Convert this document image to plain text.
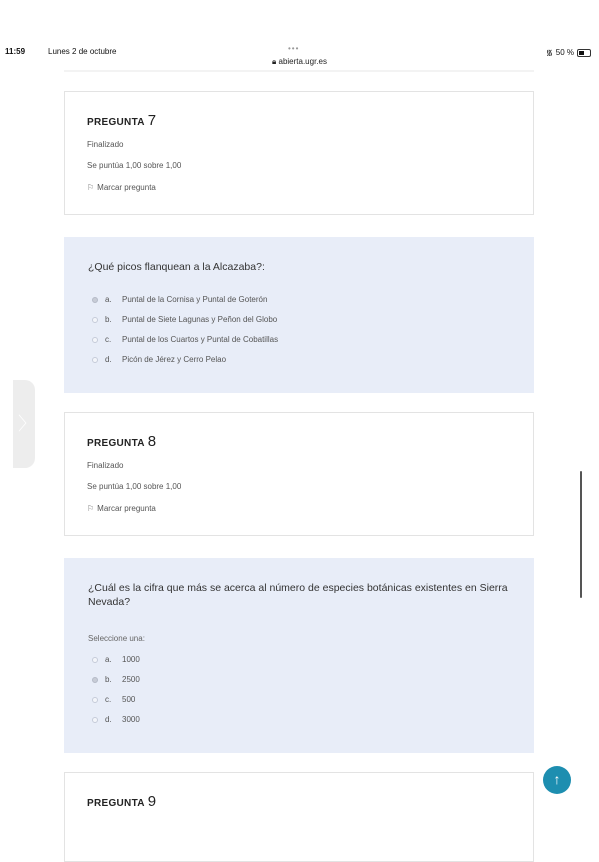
11:59	Lunes 2 de octubre	•••
🔒︎ abierta.ugr.es
᯾ 50 %
PREGUNTA 7
Finalizado
Se puntúa 1,00 sobre 1,00
⚐ Marcar pregunta
¿Qué picos flanquean a la Alcazaba?:
a.	Puntal de la Cornisa y Puntal de Goterón
b.	Puntal de Siete Lagunas y Peñon del Globo
c.	Puntal de los Cuartos y Puntal de Cobatillas
d.	Picón de Jérez y Cerro Pelao
PREGUNTA 8
Finalizado
Se puntúa 1,00 sobre 1,00
⚐ Marcar pregunta
¿Cuál es la cifra que más se acerca al número de especies botánicas existentes en Sierra Nevada?
Seleccione una:
a.	1000
b.	2500
c.	500
d.	3000
PREGUNTA 9
〉
↑
